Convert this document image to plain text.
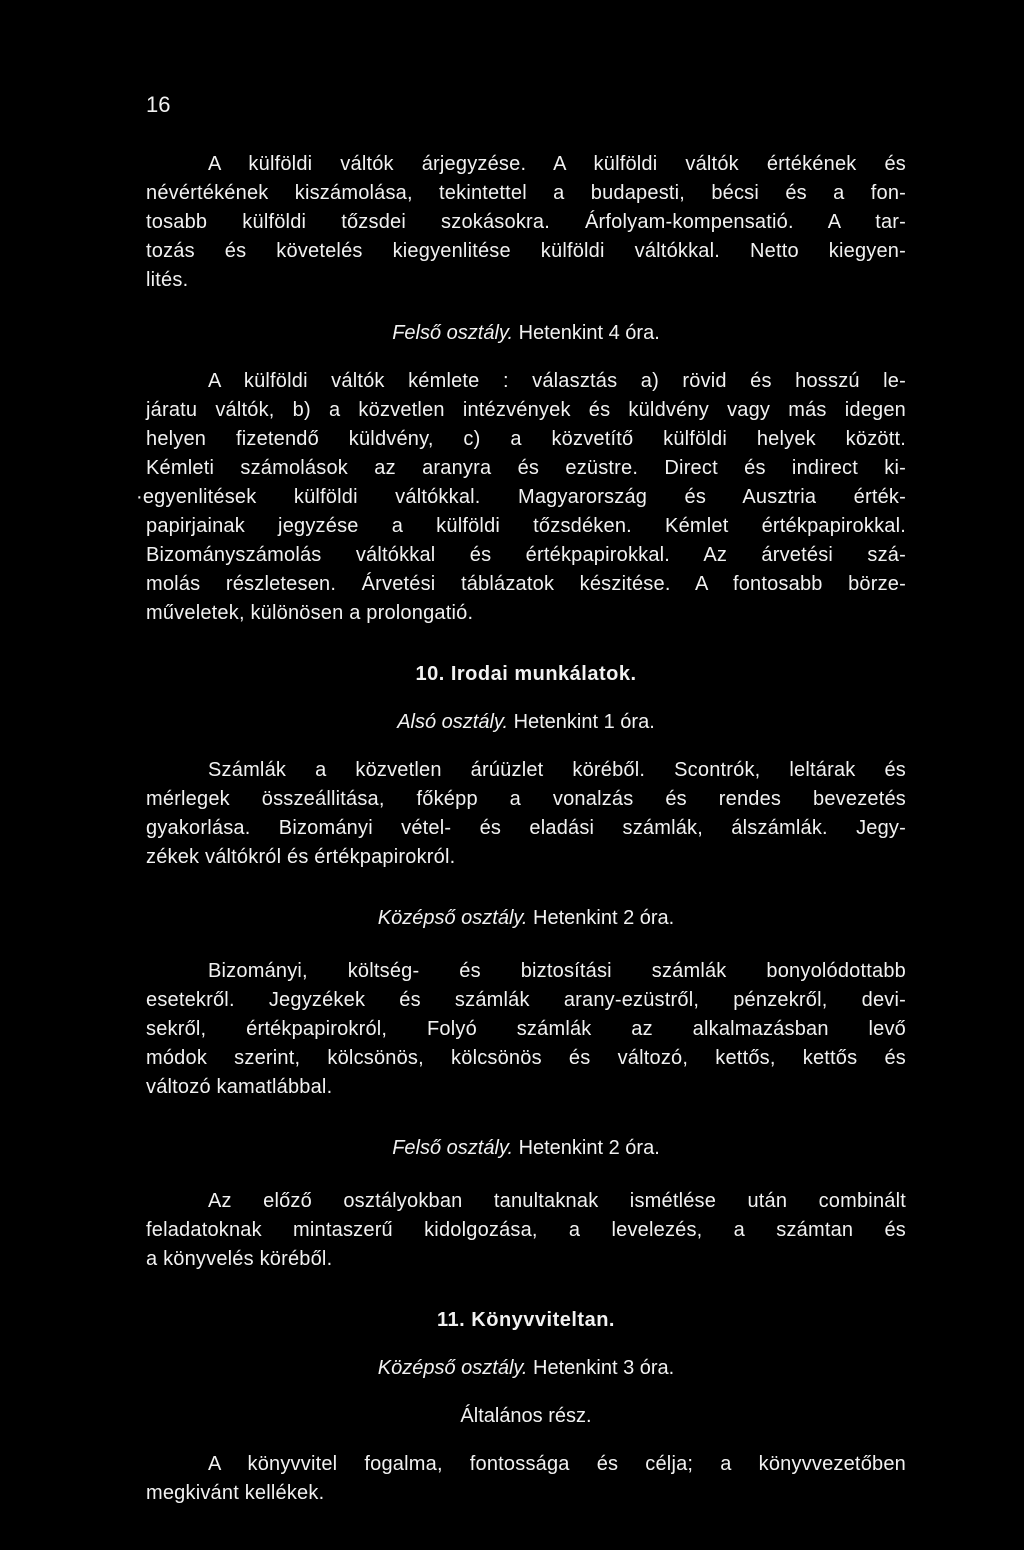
16
A külföldi váltók árjegyzése. A külföldi váltók értékének és
névértékének kiszámolása, tekintettel a budapesti, bécsi és a fon-
tosabb külföldi tőzsdei szokásokra. Árfolyam-kompensatió. A tar-
tozás és követelés kiegyenlitése külföldi váltókkal. Netto kiegyen-
lités.
Felső osztály. Hetenkint 4 óra.
A külföldi váltók kémlete : választás a) rövid és hosszú le-
járatu váltók, b) a közvetlen intézvények és küldvény vagy más idegen
helyen fizetendő küldvény, c) a közvetítő külföldi helyek között.
Kémleti számolások az aranyra és ezüstre. Direct és indirect ki-
·egyenlitések külföldi váltókkal. Magyarország és Ausztria érték-
papirjainak jegyzése a külföldi tőzsdéken. Kémlet értékpapirokkal.
Bizományszámolás váltókkal és értékpapirokkal. Az árvetési szá-
molás részletesen. Árvetési táblázatok készitése. A fontosabb börze-
műveletek, különösen a prolongatió.
10. Irodai munkálatok.
Alsó osztály. Hetenkint 1 óra.
Számlák a közvetlen árúüzlet köréből. Scontrók, leltárak és
mérlegek összeállitása, főképp a vonalzás és rendes bevezetés
gyakorlása. Bizományi vétel- és eladási számlák, álszámlák. Jegy-
zékek váltókról és értékpapirokról.
Középső osztály. Hetenkint 2 óra.
Bizományi, költség- és biztosítási számlák bonyolódottabb
esetekről. Jegyzékek és számlák arany-ezüstről, pénzekről, devi-
sekről, értékpapirokról, Folyó számlák az alkalmazásban levő
módok szerint, kölcsönös, kölcsönös és változó, kettős, kettős és
változó kamatlábbal.
Felső osztály. Hetenkint 2 óra.
Az előző osztályokban tanultaknak ismétlése után combinált
feladatoknak mintaszerű kidolgozása, a levelezés, a számtan és
a könyvelés köréből.
11. Könyvviteltan.
Középső osztály. Hetenkint 3 óra.
Általános rész.
A könyvvitel fogalma, fontossága és célja; a könyvvezetőben
megkivánt kellékek.
